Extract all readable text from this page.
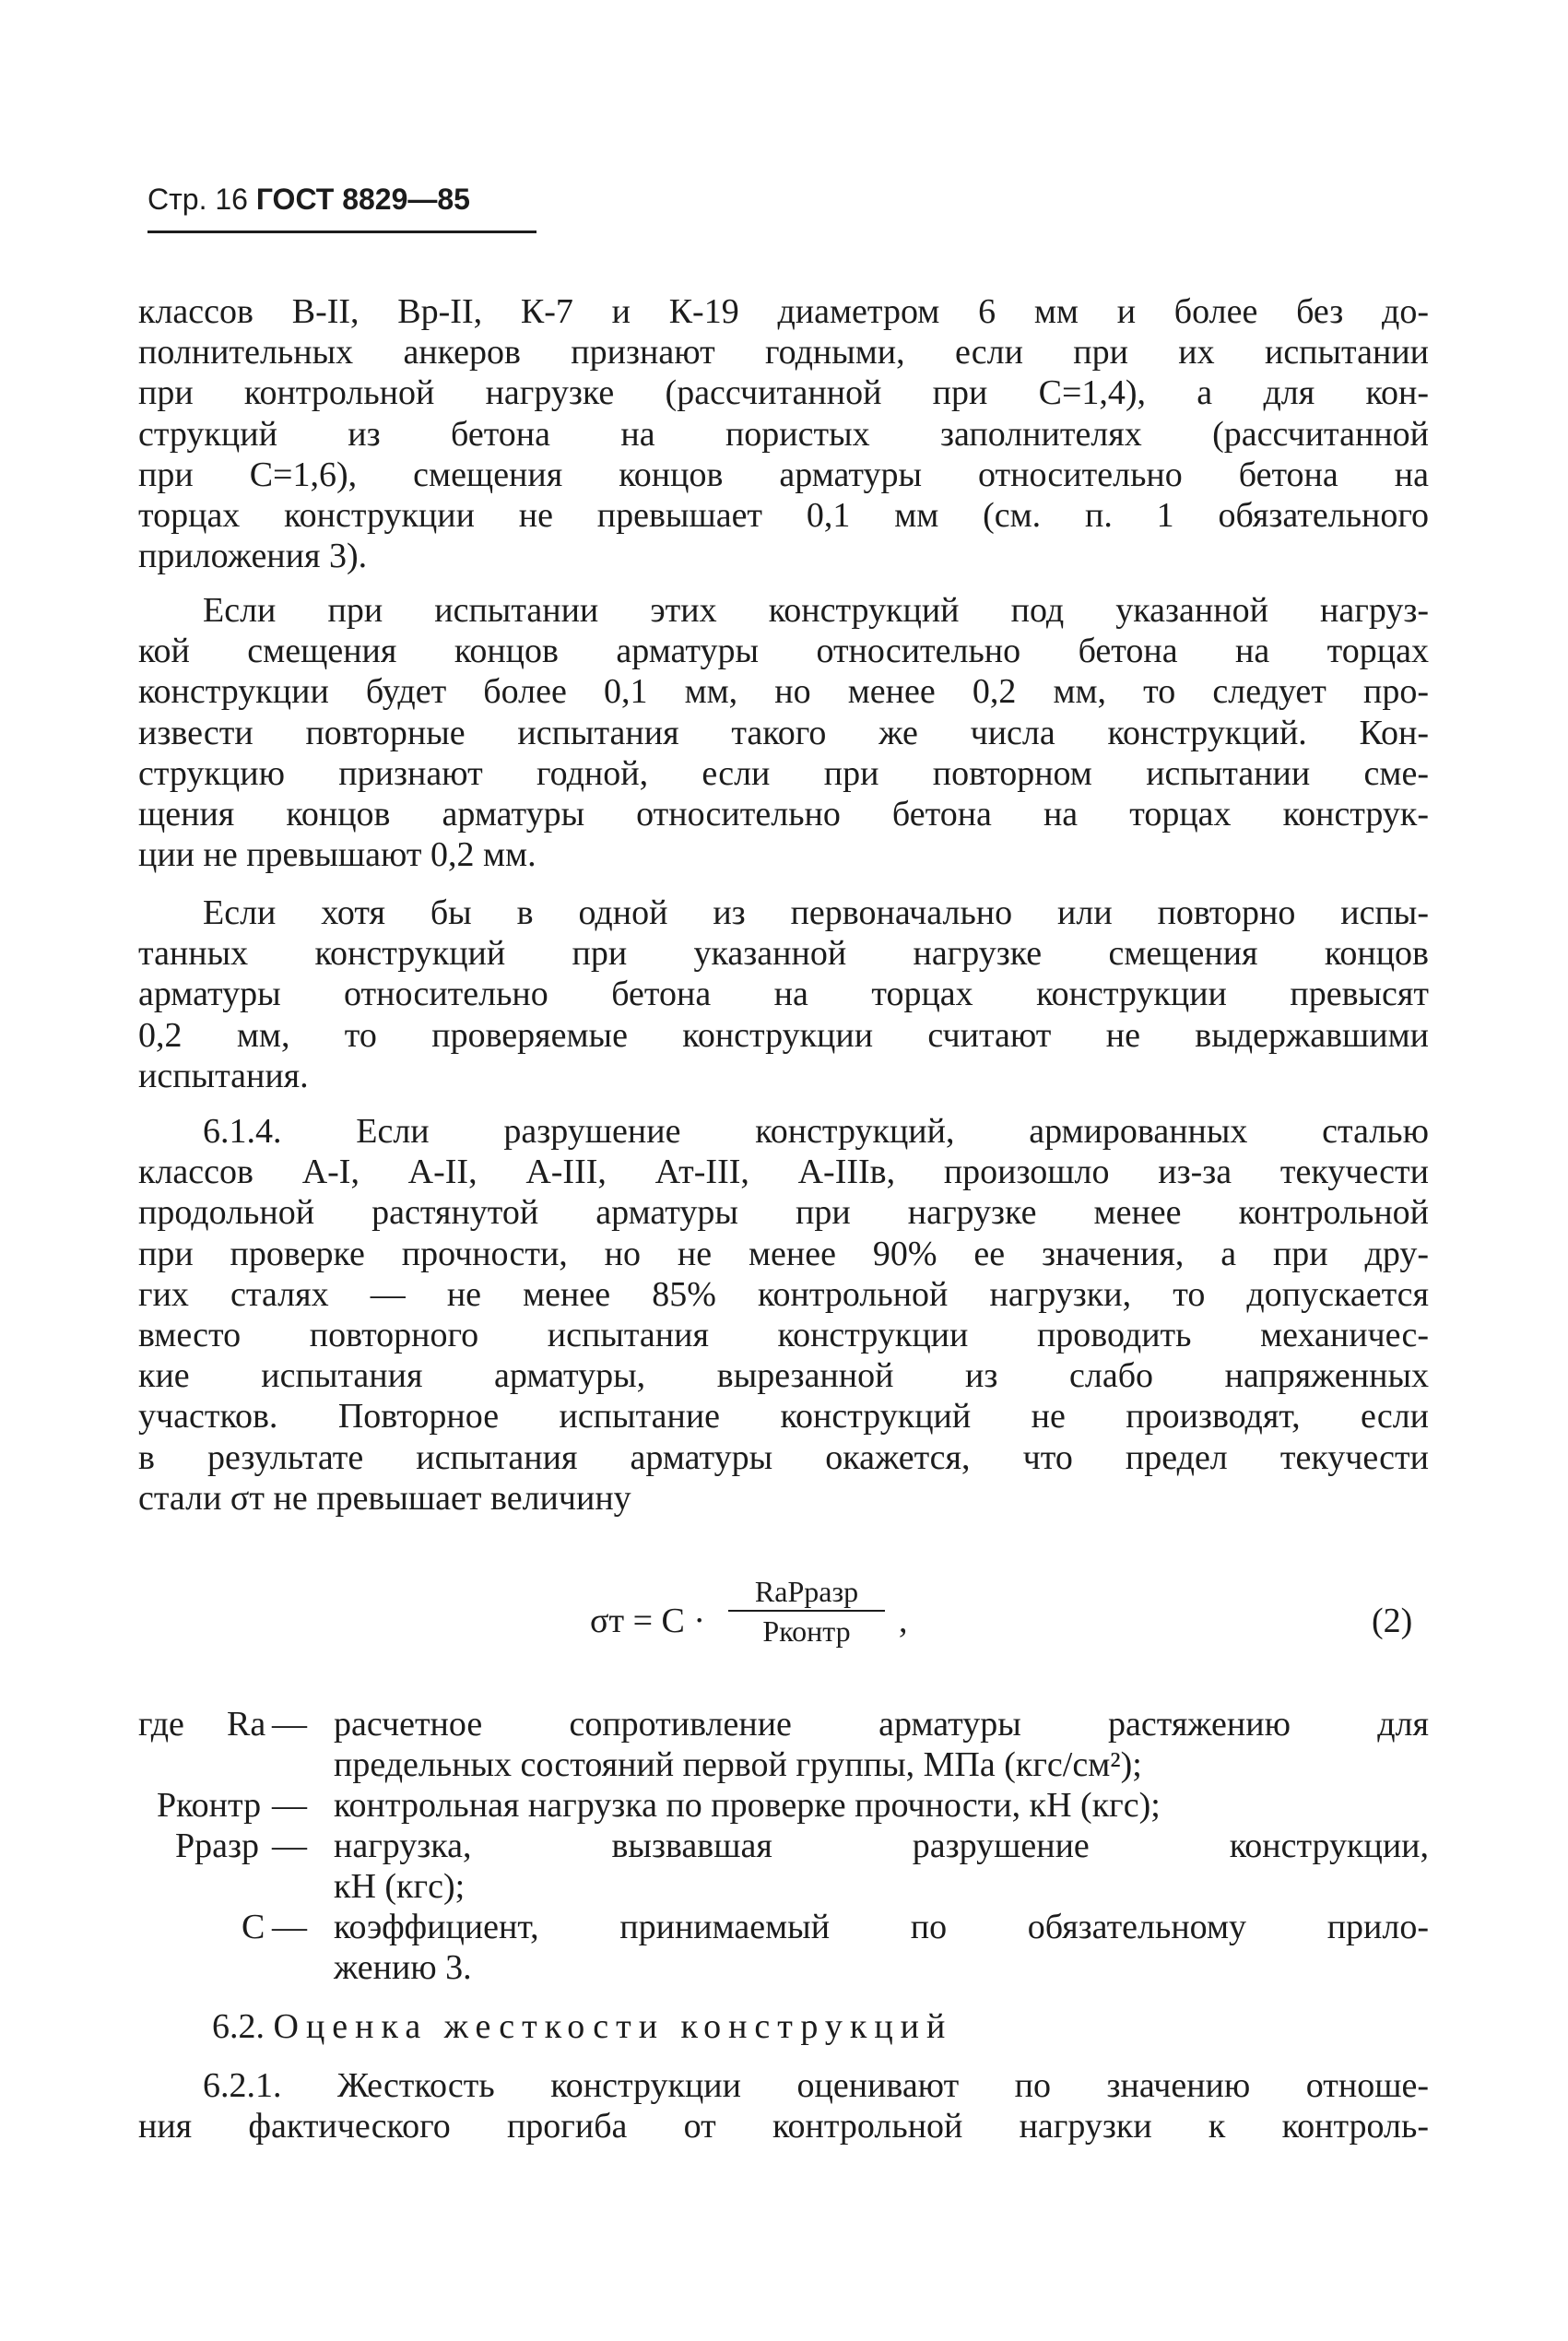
Стр. 16 ГОСТ 8829—85
классов В-II, Вр-II, К-7 и К-19 диаметром 6 мм и более без до-
полнительных анкеров признают годными, если при их испытании
при контрольной нагрузке (рассчитанной при C=1,4), а для кон-
струкций из бетона на пористых заполнителях (рассчитанной
при C=1,6), смещения концов арматуры относительно бетона на
торцах конструкции не превышает 0,1 мм (см. п. 1 обязательного
приложения 3).
Если при испытании этих конструкций под указанной нагруз-
кой смещения концов арматуры относительно бетона на торцах
конструкции будет более 0,1 мм, но менее 0,2 мм, то следует про-
извести повторные испытания такого же числа конструкций. Кон-
струкцию признают годной, если при повторном испытании сме-
щения концов арматуры относительно бетона на торцах конструк-
ции не превышают 0,2 мм.
Если хотя бы в одной из первоначально или повторно испы-
танных конструкций при указанной нагрузке смещения концов
арматуры относительно бетона на торцах конструкции превысят
0,2 мм, то проверяемые конструкции считают не выдержавшими
испытания.
6.1.4. Если разрушение конструкций, армированных сталью
классов А-I, А-II, А-III, Ат-III, А-IIIв, произошло из-за текучести
продольной растянутой арматуры при нагрузке менее контрольной
при проверке прочности, но не менее 90% ее значения, а при дру-
гих сталях — не менее 85% контрольной нагрузки, то допускается
вместо повторного испытания конструкции проводить механичес-
кие испытания арматуры, вырезанной из слабо напряженных
участков. Повторное испытание конструкций не производят, если
в результате испытания арматуры окажется, что предел текучести
стали σт не превышает величину
σт = C ·
RаPразр
Pконтр	,	(2)
где Rа — расчетное сопротивление арматуры растяжению для
предельных состояний первой группы, МПа (кгс/см²);
Pконтр — контрольная нагрузка по проверке прочности, кН (кгс);
Pразр — нагрузка, вызвавшая разрушение конструкции,
кН (кгс);
C — коэффициент, принимаемый по обязательному прило-
жению 3.
6.2. Оценка жесткости конструкций
6.2.1. Жесткость конструкции оценивают по значению отноше-
ния фактического прогиба от контрольной нагрузки к контроль-
